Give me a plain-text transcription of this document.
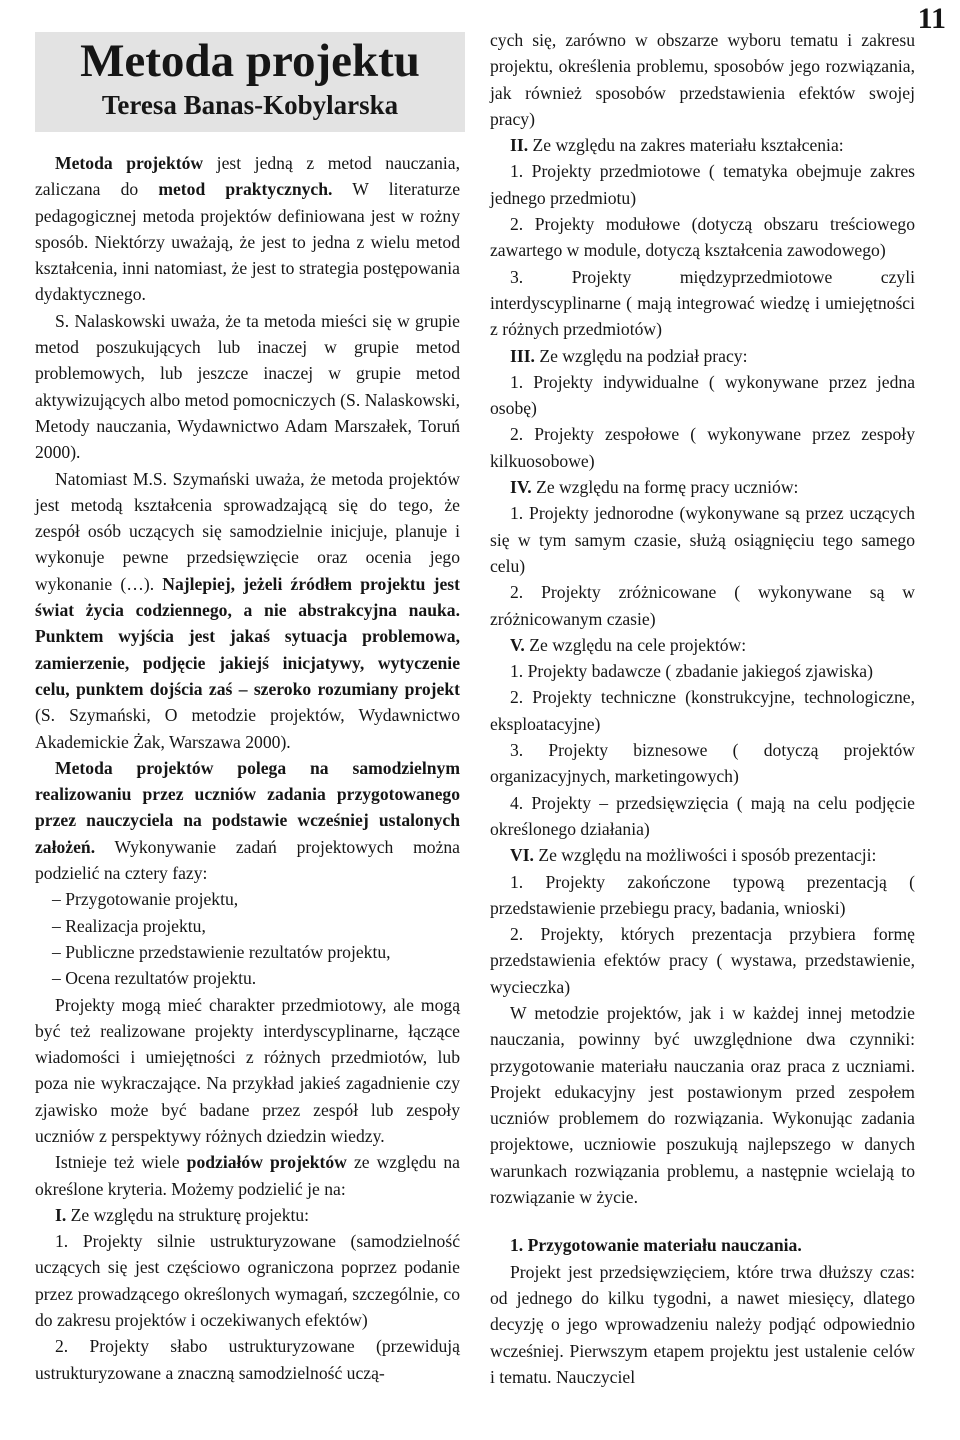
11
Metoda projektu
Teresa Banas-Kobylarska

Metoda projektów jest jedną z metod nauczania, zaliczana do metod praktycznych. W literaturze pedagogicznej metoda projektów definiowana jest w rożny sposób. Niektórzy uważają, że jest to jedna z wielu metod kształcenia, inni natomiast, że jest to strategia postępowania dydaktycznego.

S. Nalaskowski uważa, że ta metoda mieści się w grupie metod poszukujących lub inaczej w grupie metod problemowych, lub jeszcze inaczej w grupie metod aktywizujących albo metod pomocniczych (S. Nalaskowski, Metody nauczania, Wydawnictwo Adam Marszałek, Toruń 2000).

Natomiast M.S. Szymański uważa, że metoda projektów jest metodą kształcenia sprowadzającą się do tego, że zespół osób uczących się samodzielnie inicjuje, planuje i wykonuje pewne przedsięwzięcie oraz ocenia jego wykonanie (…). Najlepiej, jeżeli źródłem projektu jest świat życia codziennego, a nie abstrakcyjna nauka. Punktem wyjścia jest jakaś sytuacja problemowa, zamierzenie, podjęcie jakiejś inicjatywy, wytyczenie celu, punktem dojścia zaś – szeroko rozumiany projekt (S. Szymański, O metodzie projektów, Wydawnictwo Akademickie Żak, Warszawa 2000).

Metoda projektów polega na samodzielnym realizowaniu przez uczniów zadania przygotowanego przez nauczyciela na podstawie wcześniej ustalonych założeń. Wykonywanie zadań projektowych można podzielić na cztery fazy:

– Przygotowanie projektu,

– Realizacja projektu,

– Publiczne przedstawienie rezultatów projektu,

– Ocena rezultatów projektu.

Projekty mogą mieć charakter przedmiotowy, ale mogą być też realizowane projekty interdyscyplinarne, łączące wiadomości i umiejętności z różnych przedmiotów, lub poza nie wykraczające. Na przykład jakieś zagadnienie czy zjawisko może być badane przez zespół lub zespoły uczniów z perspektywy różnych dziedzin wiedzy.

Istnieje też wiele podziałów projektów ze względu na określone kryteria. Możemy podzielić je na:

I. Ze względu na strukturę projektu:

1. Projekty silnie ustrukturyzowane (samodzielność uczących się jest częściowo ograniczona poprzez podanie przez prowadzącego określonych wymagań, szczególnie, co do zakresu projektów i oczekiwanych efektów)

2. Projekty słabo ustrukturyzowane (przewidują ustrukturyzowane a znaczną samodzielność uczą-

cych się, zarówno w obszarze wyboru tematu i zakresu projektu, określenia problemu, sposobów jego rozwiązania, jak również sposobów przedstawienia efektów swojej pracy)

II. Ze względu na zakres materiału kształcenia:

1. Projekty przedmiotowe ( tematyka obejmuje zakres jednego przedmiotu)

2. Projekty modułowe (dotyczą obszaru treściowego zawartego w module, dotyczą kształcenia zawodowego)

3. Projekty międzyprzedmiotowe czyli interdyscyplinarne ( mają integrować wiedzę i umiejętności z różnych przedmiotów)

III. Ze względu na podział pracy:

1. Projekty indywidualne ( wykonywane przez jedna osobę)

2. Projekty zespołowe ( wykonywane przez zespoły kilkuosobowe)

IV. Ze względu na formę pracy uczniów:

1. Projekty jednorodne (wykonywane są przez uczących się w tym samym czasie, służą osiągnięciu tego samego celu)

2. Projekty zróżnicowane ( wykonywane są w zróżnicowanym czasie)

V. Ze względu na cele projektów:

1. Projekty badawcze ( zbadanie jakiegoś zjawiska)

2. Projekty techniczne (konstrukcyjne, technologiczne, eksploatacyjne)

3. Projekty biznesowe ( dotyczą projektów organizacyjnych, marketingowych)

4. Projekty – przedsięwzięcia ( mają na celu podjęcie określonego działania)

VI. Ze względu na możliwości i sposób prezentacji:

1. Projekty zakończone typową prezentacją ( przedstawienie przebiegu pracy, badania, wnioski)

2. Projekty, których prezentacja przybiera formę przedstawienia efektów pracy ( wystawa, przedstawienie, wycieczka)

W metodzie projektów, jak i w każdej innej metodzie nauczania, powinny być uwzględnione dwa czynniki: przygotowanie materiału nauczania oraz praca z uczniami. Projekt edukacyjny jest postawionym przed zespołem uczniów problemem do rozwiązania. Wykonując zadania projektowe, uczniowie poszukują najlepszego w danych warunkach rozwiązania problemu, a następnie wcielają to rozwiązanie w życie.

1. Przygotowanie materiału nauczania.

Projekt jest przedsięwzięciem, które trwa dłuższy czas: od jednego do kilku tygodni, a nawet miesięcy, dlatego decyzję o jego wprowadzeniu należy podjąć odpowiednio wcześniej. Pierwszym etapem projektu jest ustalenie celów i tematu. Nauczyciel
